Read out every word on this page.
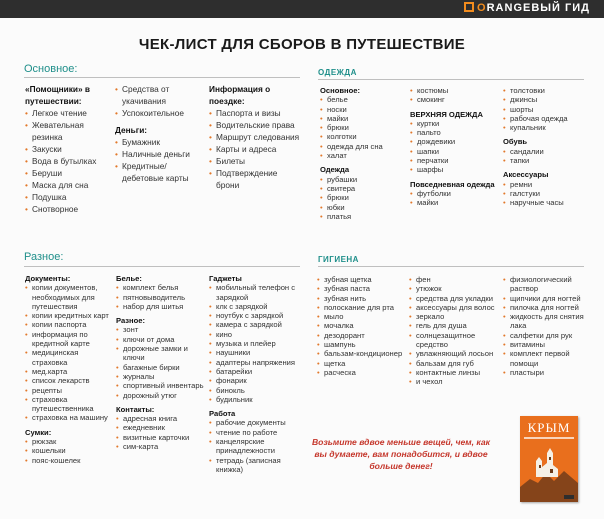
ORANGEВЫЙ ГИД
ЧЕК-ЛИСТ ДЛЯ СБОРОВ В ПУТЕШЕСТВИЕ
Основное:	ОДЕЖДА
Разное:	ГИГИЕНА
«Помощники» в путешествии:
• Легкое чтение
• Жевательная резинка
• Закуски
• Вода в бутылках
• Беруши
• Маска для сна
• Подушка
• Снотворное
• Средства от укачивания
• Успокоительное
Деньги:
• Бумажник
• Наличные деньги
• Кредитные/ дебетовые карты
Информация о поездке:
• Паспорта и визы
• Водительские права
• Маршрут следования
• Карты и адреса
• Билеты
• Подтверждение брони
Основное:
• белье
• носки
• майки
• брюки
• колготки
• одежда для сна
• халат
Одежда
• рубашки
• свитера
• брюки
• юбки
• платья
• костюмы
• смокинг
ВЕРХНЯЯ ОДЕЖДА
• куртки
• пальто
• дождевики
• шапки
• перчатки
• шарфы
Повседневная одежда
• футболки
• майки
• толстовки
• джинсы
• шорты
• рабочая одежда
• купальник
Обувь
• сандалии
• тапки
Аксессуары
• ремни
• галстуки
• наручные часы
Документы:
• копии документов, необходимых для путешествия
• копии кредитных карт
• копии паспорта
• информация по кредитной карте
• медицинская страховка
• мед.карта
• список лекарств
• рецепты
• страховка путешественника
• страховка на машину
Сумки:
• рюкзак
• кошельки
• пояс-кошелек
Белье:
• комплект белья
• пятновыводитель
• набор для шитья
Разное:
• зонт
• ключи от дома
• дорожные замки и ключи
• багажные бирки
• журналы
• спортивный инвентарь
• дорожный утюг
Контакты:
• адресная книга
• ежедневник
• визитные карточки
• сим-карта
Гаджеты
• мобильный телефон с зарядкой
• клк с зарядкой
• ноутбук с зарядкой
• камера с зарядкой
• кино
• музыка и плейер
• наушники
• адаптеры напряжения
• батарейки
• фонарик
• бинокль
• будильник
Работа
• рабочие документы
• чтение по работе
• канцелярские принадлежности
• тетрадь (записная книжка)
• зубная щетка
• зубная паста
• зубная нить
• полоскание для рта
• мыло
• мочалка
• дезодорант
• шампунь
• бальзам-кондиционер
• щетка
• расческа
• фен
• утюжок
• средства для укладки
• аксессуары для волос
• зеркало
• гель для душа
• солнцезащитное средство
• увлажняющий лосьон
• бальзам для губ
• контактные линзы
• и чехол
• физиологический раствор
• щипчики для ногтей
• пилочка для ногтей
• жидкость для снятия лака
• салфетки для рук
• витамины
• комплект первой помощи
• пластыри
Возьмите вдвое меньше вещей, чем, как вы думаете, вам понадобится, и вдвое больше денег!
КРЫМ
